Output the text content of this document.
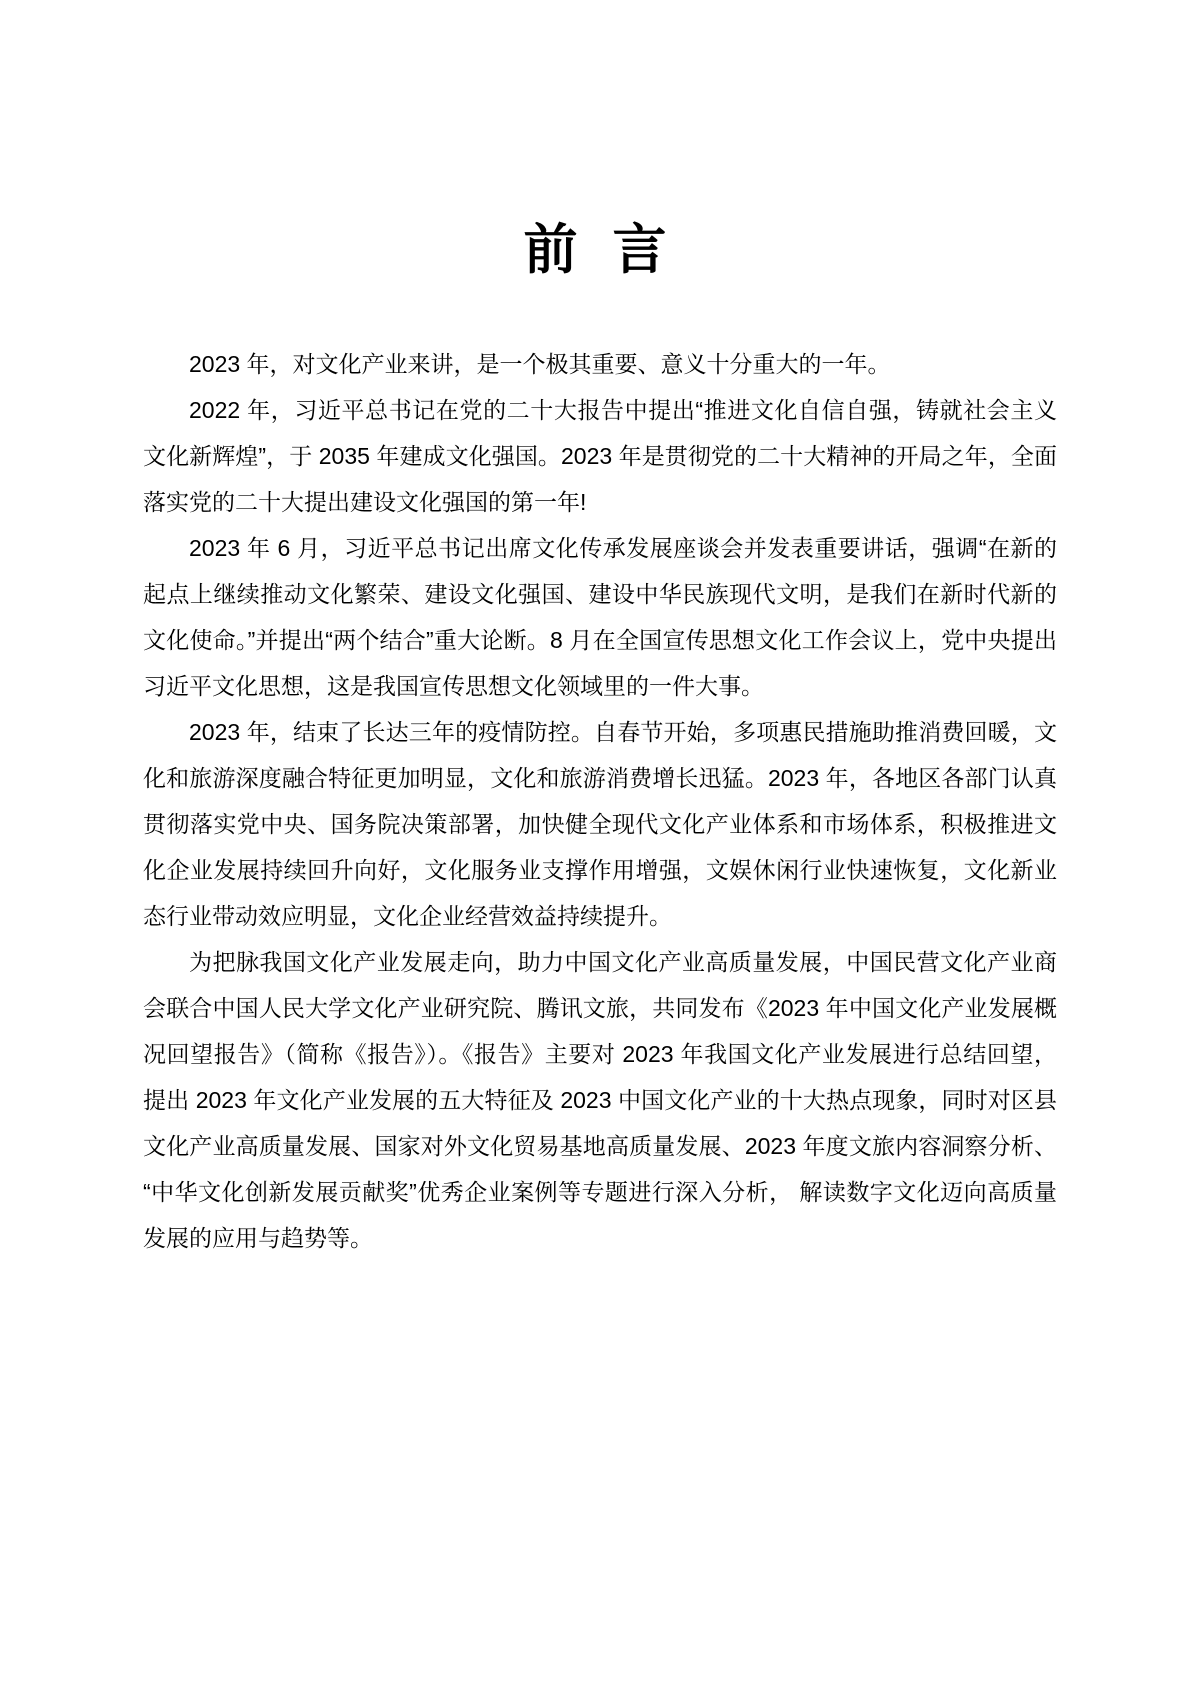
前 言

2023 年，对文化产业来讲，是一个极其重要、意义十分重大的一年。

2022 年，习近平总书记在党的二十大报告中提出“推进文化自信自强，铸就社会主义文化新辉煌”，于 2035 年建成文化强国。2023 年是贯彻党的二十大精神的开局之年，全面落实党的二十大提出建设文化强国的第一年!

2023 年 6 月，习近平总书记出席文化传承发展座谈会并发表重要讲话，强调“在新的起点上继续推动文化繁荣、建设文化强国、建设中华民族现代文明，是我们在新时代新的文化使命。”并提出“两个结合”重大论断。8 月在全国宣传思想文化工作会议上，党中央提出习近平文化思想，这是我国宣传思想文化领域里的一件大事。

2023 年，结束了长达三年的疫情防控。自春节开始，多项惠民措施助推消费回暖，文化和旅游深度融合特征更加明显，文化和旅游消费增长迅猛。2023 年，各地区各部门认真贯彻落实党中央、国务院决策部署，加快健全现代文化产业体系和市场体系，积极推进文化企业发展持续回升向好，文化服务业支撑作用增强，文娱休闲行业快速恢复，文化新业态行业带动效应明显，文化企业经营效益持续提升。

为把脉我国文化产业发展走向，助力中国文化产业高质量发展，中国民营文化产业商会联合中国人民大学文化产业研究院、腾讯文旅，共同发布《2023 年中国文化产业发展概况回望报告》（简称《报告》）。《报告》主要对 2023 年我国文化产业发展进行总结回望，提出 2023 年文化产业发展的五大特征及 2023 中国文化产业的十大热点现象，同时对区县文化产业高质量发展、国家对外文化贸易基地高质量发展、2023 年度文旅内容洞察分析、 “中华文化创新发展贡献奖”优秀企业案例等专题进行深入分析， 解读数字文化迈向高质量发展的应用与趋势等。
